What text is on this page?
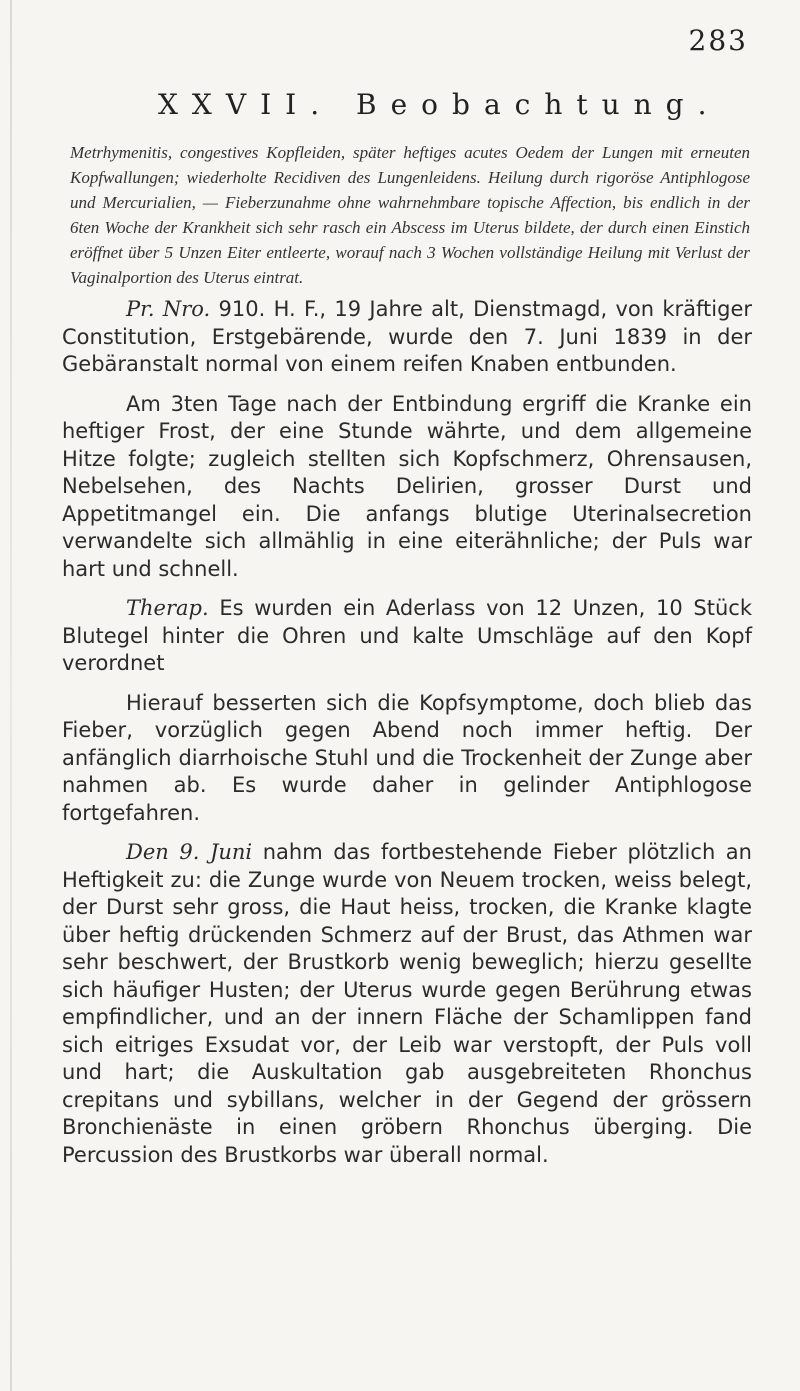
283
XXVII. Beobachtung.
Metrhymenitis, congestives Kopfleiden, später heftiges acutes Oedem der Lungen mit erneuten Kopfwallungen; wiederholte Recidiven des Lungenleidens. Heilung durch rigoröse Antiphlogose und Mercurialien, — Fieberzunahme ohne wahrnehmbare topische Affection, bis endlich in der 6ten Woche der Krankheit sich sehr rasch ein Abscess im Uterus bildete, der durch einen Einstich eröffnet über 5 Unzen Eiter entleerte, worauf nach 3 Wochen vollständige Heilung mit Verlust der Vaginalportion des Uterus eintrat.

Pr. Nro. 910. H. F., 19 Jahre alt, Dienstmagd, von kräftiger Constitution, Erstgebärende, wurde den 7. Juni 1839 in der Gebäranstalt normal von einem reifen Knaben entbunden.

Am 3ten Tage nach der Entbindung ergriff die Kranke ein heftiger Frost, der eine Stunde währte, und dem allgemeine Hitze folgte; zugleich stellten sich Kopfschmerz, Ohrensausen, Nebelsehen, des Nachts Delirien, grosser Durst und Appetitmangel ein. Die anfangs blutige Uterinalsecretion verwandelte sich allmählig in eine eiterähnliche; der Puls war hart und schnell.

Therap. Es wurden ein Aderlass von 12 Unzen, 10 Stück Blutegel hinter die Ohren und kalte Umschläge auf den Kopf verordnet

Hierauf besserten sich die Kopfsymptome, doch blieb das Fieber, vorzüglich gegen Abend noch immer heftig. Der anfänglich diarrhoische Stuhl und die Trockenheit der Zunge aber nahmen ab. Es wurde daher in gelinder Antiphlogose fortgefahren.

Den 9. Juni nahm das fortbestehende Fieber plötzlich an Heftigkeit zu: die Zunge wurde von Neuem trocken, weiss belegt, der Durst sehr gross, die Haut heiss, trocken, die Kranke klagte über heftig drückenden Schmerz auf der Brust, das Athmen war sehr beschwert, der Brustkorb wenig beweglich; hierzu gesellte sich häufiger Husten; der Uterus wurde gegen Berührung etwas empfindlicher, und an der innern Fläche der Schamlippen fand sich eitriges Exsudat vor, der Leib war verstopft, der Puls voll und hart; die Auskultation gab ausgebreiteten Rhonchus crepitans und sybillans, welcher in der Gegend der grössern Bronchienäste in einen gröbern Rhonchus überging. Die Percussion des Brustkorbs war überall normal.
